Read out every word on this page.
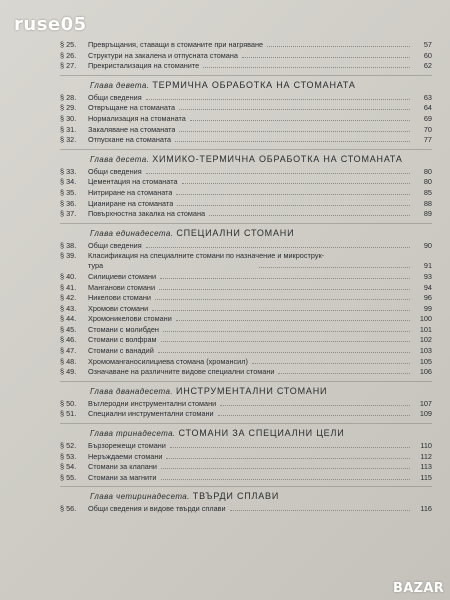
ruse05
§ 25.	Превръщания, ставащи в стоманите при нагряване	57
§ 26.	Структури на закалена и отпусната стомана	60
§ 27.	Прекристализация на стоманите	62
Глава девета. ТЕРМИЧНА ОБРАБОТКА НА СТОМАНАТА
§ 28.	Общи сведения	63
§ 29.	Отвръщане на стоманата	64
§ 30.	Нормализация на стоманата	69
§ 31.	Закаляване на стоманата	70
§ 32.	Отпускане на стоманата	77
Глава десета. ХИМИКО-ТЕРМИЧНА ОБРАБОТКА НА СТОМАНАТА
§ 33.	Общи сведения	80
§ 34.	Цементация на стоманата	80
§ 35.	Нитриране на стоманата	85
§ 36.	Цианиране на стоманата	88
§ 37.	Повърхностна закалка на стомана	89
Глава единадесета. СПЕЦИАЛНИ СТОМАНИ
§ 38.	Общи сведения	90
§ 39.	Класификация на специалните стомани по назначение и микрострук-
тура	91
§ 40.	Силициеви стомани	93
§ 41.	Манганови стомани	94
§ 42.	Никелови стомани	96
§ 43.	Хромови стомани	99
§ 44.	Хромоникелови стомани	100
§ 45.	Стомани с молибден	101
§ 46.	Стомани с волфрам	102
§ 47.	Стомани с ванадий	103
§ 48.	Хромоманганосилициева стомана (хромансил)	105
§ 49.	Означаване на различните видове специални стомани	106
Глава дванадесета. ИНСТРУМЕНТАЛНИ СТОМАНИ
§ 50.	Въглеродни инструментални стомани	107
§ 51.	Специални инструментални стомани	109
Глава тринадесета. СТОМАНИ ЗА СПЕЦИАЛНИ ЦЕЛИ
§ 52.	Бързорежещи стомани	110
§ 53.	Неръждаеми стомани	112
§ 54.	Стомани за клапани	113
§ 55.	Стомани за магнити	115
Глава четиринадесета. ТВЪРДИ СПЛАВИ
§ 56.	Общи сведения и видове твърди сплави	116
BAZAR
